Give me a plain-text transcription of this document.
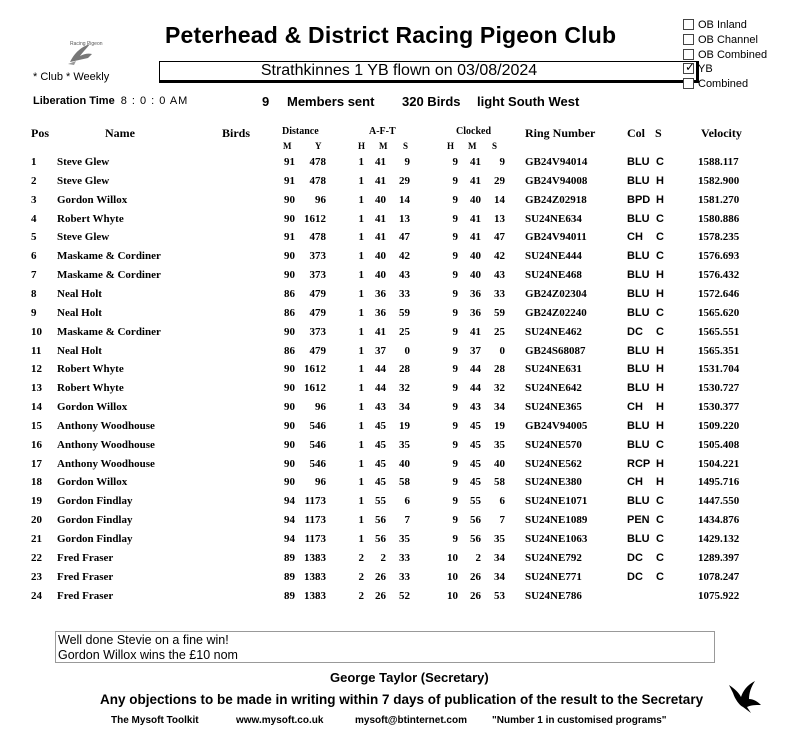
Peterhead & District Racing Pigeon Club
Racing Pigeon
* Club * Weekly	Strathkinnes 1 YB flown on 03/08/2024
OB Inland
OB Channel
OB Combined
✓ YB
Combined
Liberation Time 8 : 0 : 0 AM	9 Members sent 320 Birds light South West
Pos	Name	Birds	Distance	A-F-T	Clocked	Ring Number	Col S	Velocity
M	Y	H M S	H M S
1 Steve Glew	91	478	1	41	9	9	41	9 GB24V94014	BLU C	1588.117
2 Steve Glew	91	478	1	41	29	9	41	29 GB24V94008	BLU H	1582.900
3 Gordon Willox	90	96	1	40	14	9	40	14 GB24Z02918	BPD H	1581.270
4 Robert Whyte	90 1612	1	41	13	9	41	13 SU24NE634	BLU C	1580.886
5 Steve Glew	91	478	1	41	47	9	41	47 GB24V94011	CH C	1578.235
6 Maskame & Cordiner	90	373	1	40	42	9	40	42 SU24NE444	BLU C	1576.693
7 Maskame & Cordiner	90	373	1	40	43	9	40	43 SU24NE468	BLU H	1576.432
8 Neal Holt	86	479	1	36	33	9	36	33 GB24Z02304	BLU H	1572.646
9 Neal Holt	86	479	1	36	59	9	36	59 GB24Z02240	BLU C	1565.620
10 Maskame & Cordiner	90	373	1	41	25	9	41	25 SU24NE462	DC C	1565.551
11 Neal Holt	86	479	1	37	0	9	37	0 GB24S68087	BLU H	1565.351
12 Robert Whyte	90 1612	1	44	28	9	44	28 SU24NE631	BLU H	1531.704
13 Robert Whyte	90 1612	1	44	32	9	44	32 SU24NE642	BLU H	1530.727
14 Gordon Willox	90	96	1	43	34	9	43	34 SU24NE365	CH H	1530.377
15 Anthony Woodhouse	90	546	1	45	19	9	45	19 GB24V94005	BLU H	1509.220
16 Anthony Woodhouse	90	546	1	45	35	9	45	35 SU24NE570	BLU C	1505.408
17 Anthony Woodhouse	90	546	1	45	40	9	45	40 SU24NE562	RCP H	1504.221
18 Gordon Willox	90	96	1	45	58	9	45	58 SU24NE380	CH H	1495.716
19 Gordon Findlay	94 1173	1	55	6	9	55	6 SU24NE1071	BLU C	1447.550
20 Gordon Findlay	94 1173	1	56	7	9	56	7 SU24NE1089	PEN C	1434.876
21 Gordon Findlay	94 1173	1	56	35	9	56	35 SU24NE1063	BLU C	1429.132
22 Fred Fraser	89 1383	2	2	33	10	2	34 SU24NE792	DC C	1289.397
23 Fred Fraser	89 1383	2	26	33	10	26	34 SU24NE771	DC C	1078.247
24 Fred Fraser	89 1383	2	26	52	10	26	53 SU24NE786	1075.922
Well done Stevie on a fine win!
Gordon Willox wins the £10 nom
George Taylor (Secretary)
Any objections to be made in writing within 7 days of publication of the result to the Secretary
The Mysoft Toolkit	www.mysoft.co.uk	mysoft@btinternet.com	"Number 1 in customised programs"
